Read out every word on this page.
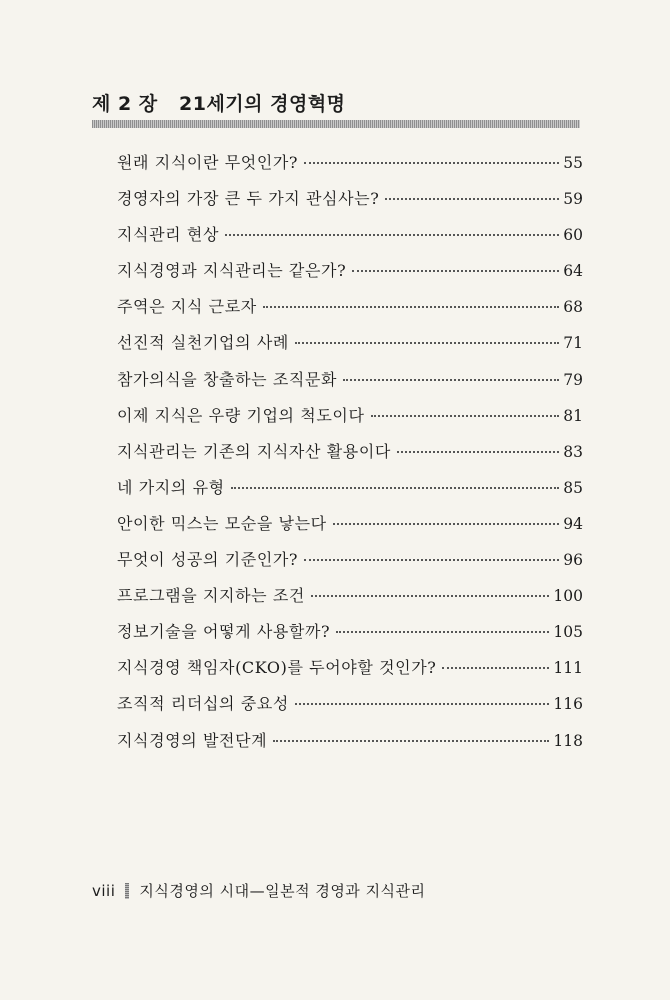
제 2 장   21세기의 경영혁명
원래 지식이란 무엇인가?	55
경영자의 가장 큰 두 가지 관심사는?	59
지식관리 현상	60
지식경영과 지식관리는 같은가?	64
주역은 지식 근로자	68
선진적 실천기업의 사례	71
참가의식을 창출하는 조직문화	79
이제 지식은 우량 기업의 척도이다	81
지식관리는 기존의 지식자산 활용이다	83
네 가지의 유형	85
안이한 믹스는 모순을 낳는다	94
무엇이 성공의 기준인가?	96
프로그램을 지지하는 조건	100
정보기술을 어떻게 사용할까?	105
지식경영 책임자(CKO)를 두어야할 것인가?	111
조직적 리더십의 중요성	116
지식경영의 발전단계	118
viii 지식경영의 시대—일본적 경영과 지식관리
